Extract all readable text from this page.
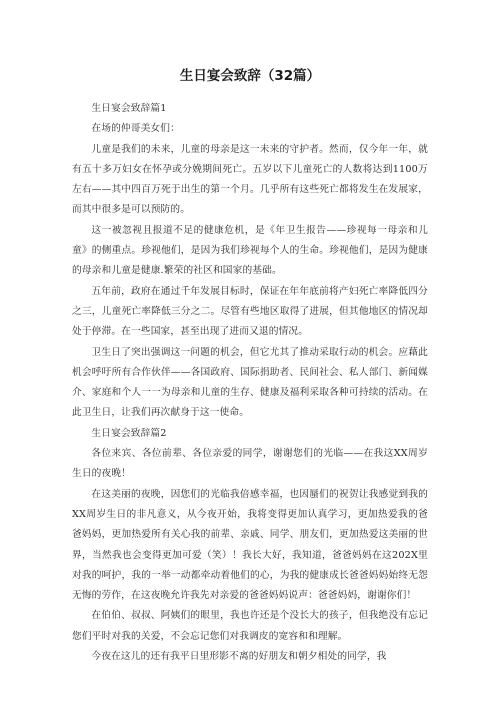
生日宴会致辞（32篇）

生日宴会致辞篇1

在场的仲哥美女们：

儿童是我们的未来，儿童的母亲是这一未来的守护者。然而，仅今年一年，就有五十多万妇女在怀孕或分娩期间死亡。五岁以下儿童死亡的人数将达到1100万左右——其中四百万死于出生的第一个月。几乎所有这些死亡都将发生在发展家，而其中很多是可以预防的。

这一被忽视且报道不足的健康危机，是《年卫生报告——珍视每一母亲和儿童》的侧重点。珍视他们，是因为我们珍视每个人的生命。珍视他们，是因为健康的母亲和儿童是健康.繁荣的社区和国家的基础。

五年前，政府在通过千年发展目标时，保证在年年底前将产妇死亡率降低四分之三，儿童死亡率降低三分之二。尽管有些地区取得了进展，但其他地区的情况却处于停滞。在一些国家，甚至出现了进而又退的情况。

卫生日了突出强调这一问题的机会，但它尤其了推动采取行动的机会。应藉此机会呼吁所有合作伙伴——各国政府、国际捐助者、民间社会、私人部门、新闻媒介、家庭和个人一一为母亲和儿童的生存、健康及福利采取各种可持续的活动。在此卫生日，让我们再次献身于这一使命。

生日宴会致辞篇2

各位来宾、各位前辈、各位亲爱的同学，谢谢您们的光临——在我这XX周岁生日的夜晚！

在这美丽的夜晚，因您们的光临我倍感幸福，也因蜃们的祝贺让我感觉到我的XX周岁生日的非凡意义，从今夜开始，我将变得更加认真学习，更加热爱我的爸爸妈妈，更加热爱所有关心我的前辈、亲戚、同学、朋友们，更加热爱这美丽的世界，当然我也会变得更加可爱（笑）！我长大好，我知道，爸爸妈妈在这202X里对我的呵护，我的一举一动都牵动着他们的心，为我的健康成长爸爸妈妈始终无怨无悔的劳作，在这夜晚允许我先对亲爱的爸爸妈妈说声：爸爸妈妈，谢谢你们！

在伯伯、叔叔、阿姨们的眼里，我也许还是个没长大的孩子，但我绝没有忘记您们平时对我的关爱，不会忘记您们对我调皮的宽容和和理解。

今夜在这儿的还有我平日里形影不离的好朋友和朝夕相处的同学，我
